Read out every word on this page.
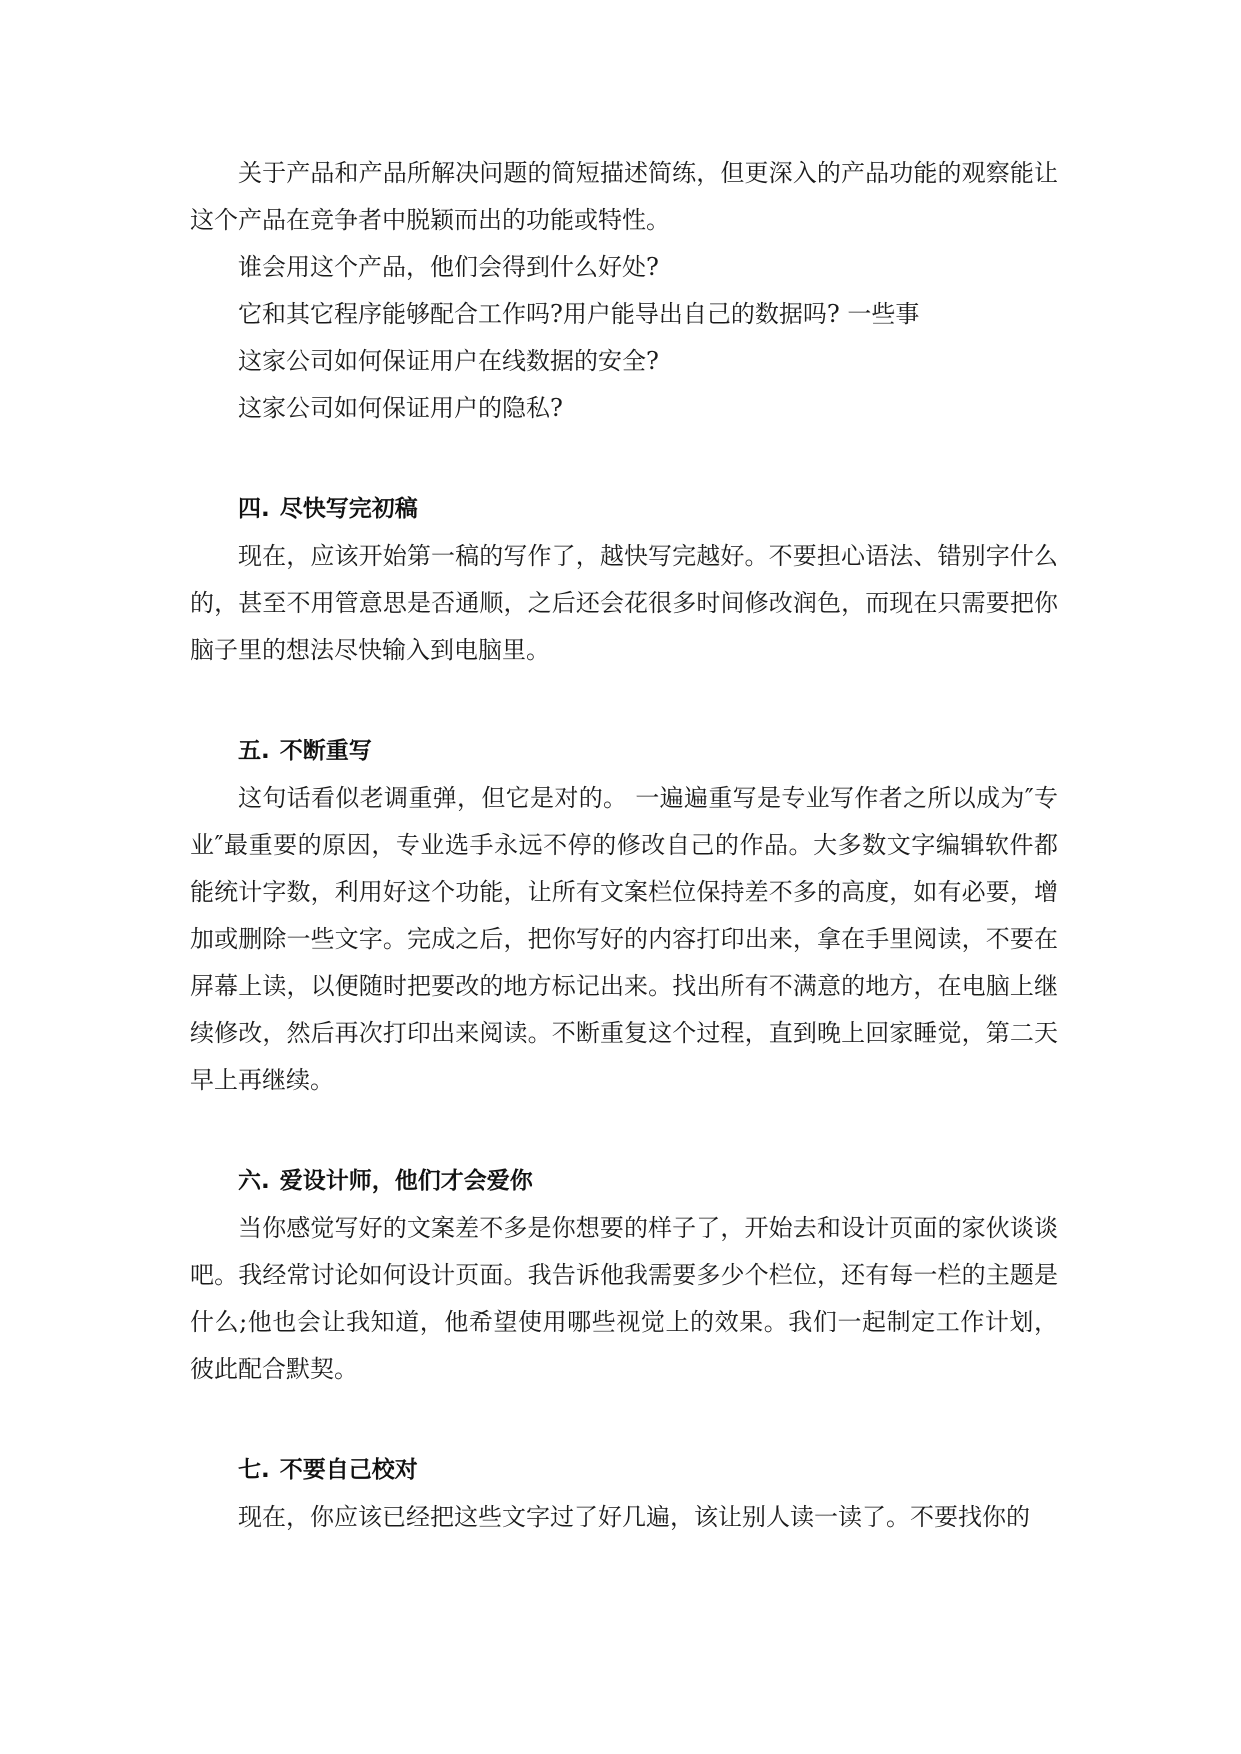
关于产品和产品所解决问题的简短描述简练，但更深入的产品功能的观察能让这个产品在竞争者中脱颖而出的功能或特性。

谁会用这个产品，他们会得到什么好处?

它和其它程序能够配合工作吗?用户能导出自己的数据吗? 一些事

这家公司如何保证用户在线数据的安全?

这家公司如何保证用户的隐私?

四. 尽快写完初稿

现在，应该开始第一稿的写作了，越快写完越好。不要担心语法、错别字什么的，甚至不用管意思是否通顺，之后还会花很多时间修改润色，而现在只需要把你脑子里的想法尽快输入到电脑里。

五. 不断重写

这句话看似老调重弹，但它是对的。 一遍遍重写是专业写作者之所以成为″专业″最重要的原因，专业选手永远不停的修改自己的作品。大多数文字编辑软件都能统计字数，利用好这个功能，让所有文案栏位保持差不多的高度，如有必要，增加或删除一些文字。完成之后，把你写好的内容打印出来，拿在手里阅读，不要在屏幕上读，以便随时把要改的地方标记出来。找出所有不满意的地方，在电脑上继续修改，然后再次打印出来阅读。不断重复这个过程，直到晚上回家睡觉，第二天早上再继续。

六. 爱设计师，他们才会爱你

当你感觉写好的文案差不多是你想要的样子了，开始去和设计页面的家伙谈谈吧。我经常讨论如何设计页面。我告诉他我需要多少个栏位，还有每一栏的主题是什么;他也会让我知道，他希望使用哪些视觉上的效果。我们一起制定工作计划，彼此配合默契。

七. 不要自己校对

现在，你应该已经把这些文字过了好几遍，该让别人读一读了。不要找你的
